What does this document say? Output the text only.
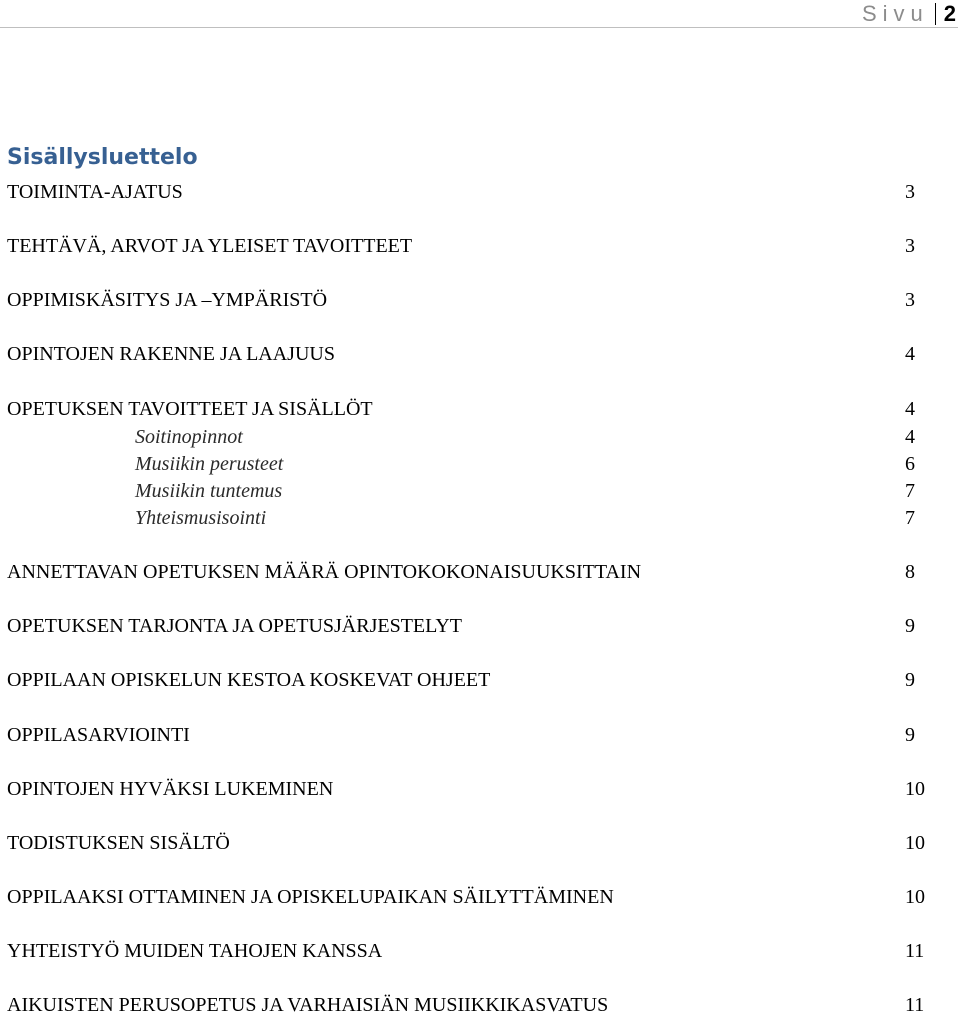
Sivu 2
Sisällysluettelo
TOIMINTA-AJATUS	3
TEHTÄVÄ, ARVOT JA YLEISET TAVOITTEET	3
OPPIMISKÄSITYS JA –YMPÄRISTÖ	3
OPINTOJEN RAKENNE JA LAAJUUS	4
OPETUKSEN TAVOITTEET JA SISÄLLÖT	4
Soitinopinnot	4
Musiikin perusteet	6
Musiikin tuntemus	7
Yhteismusisointi	7
ANNETTAVAN OPETUKSEN MÄÄRÄ OPINTOKOKONAISUUKSITTAIN	8
OPETUKSEN TARJONTA JA OPETUSJÄRJESTELYT	9
OPPILAAN OPISKELUN KESTOA KOSKEVAT OHJEET	9
OPPILASARVIOINTI	9
OPINTOJEN HYVÄKSI LUKEMINEN	10
TODISTUKSEN SISÄLTÖ	10
OPPILAAKSI OTTAMINEN JA OPISKELUPAIKAN SÄILYTTÄMINEN	10
YHTEISTYÖ MUIDEN TAHOJEN KANSSA	11
AIKUISTEN PERUSOPETUS JA VARHAISIÄN MUSIIKKIKASVATUS	11
